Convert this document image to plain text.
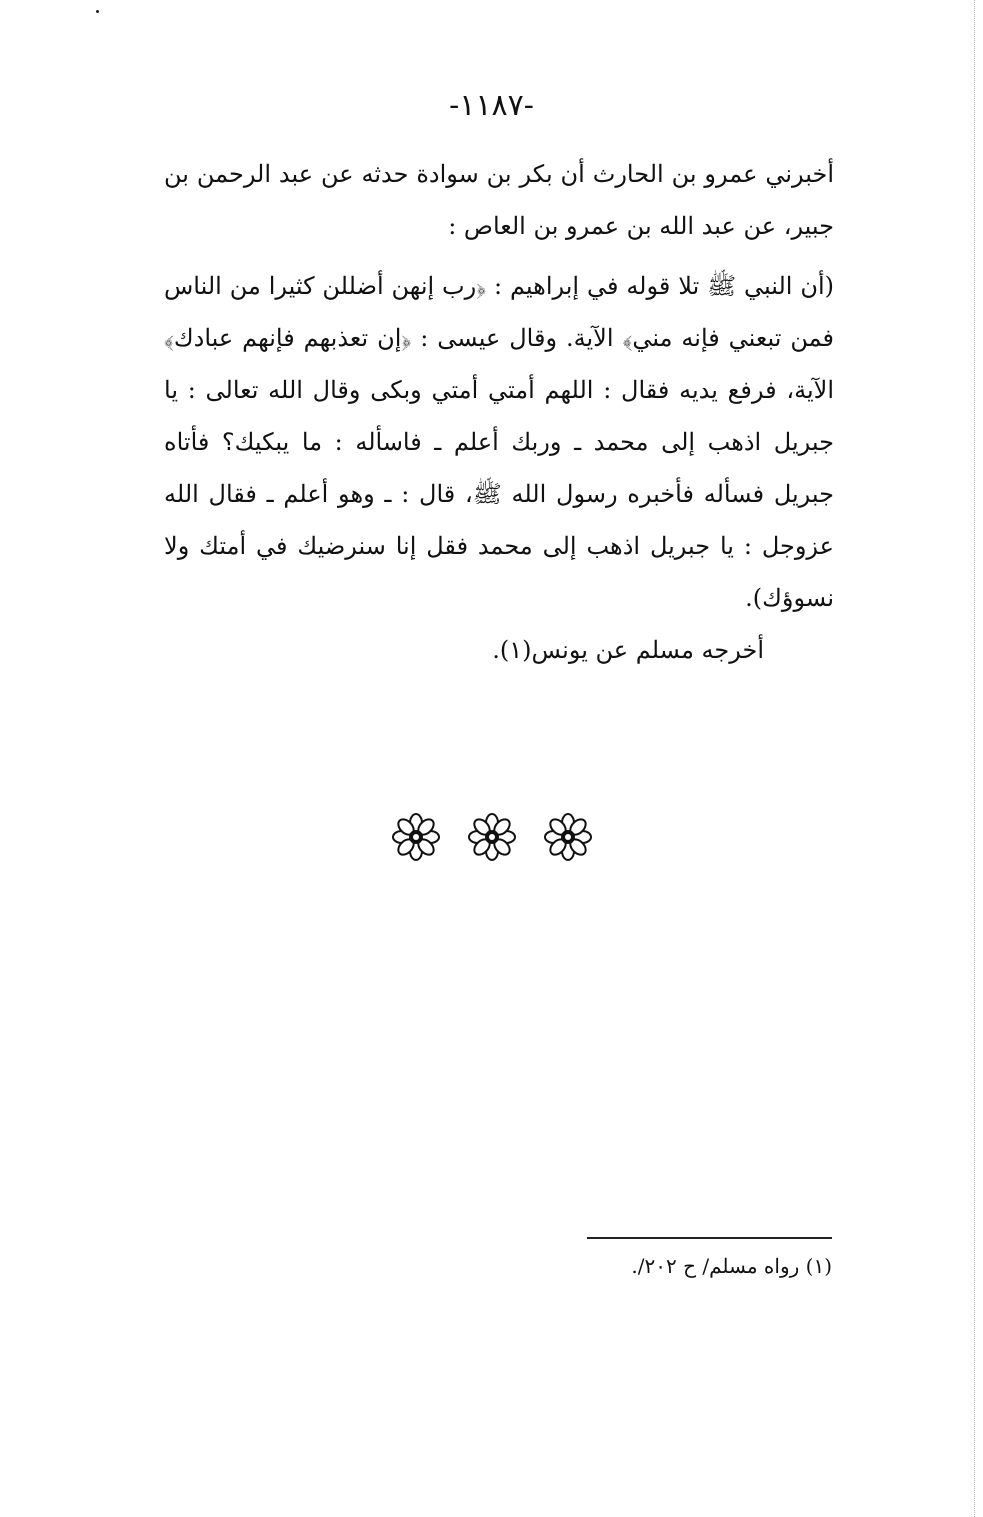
-١١٨٧-

أخبرني عمرو بن الحارث أن بكر بن سوادة حدثه عن عبد الرحمن بن جبير، عن عبد الله بن عمرو بن العاص :

(أن النبي ﷺ تلا قوله في إبراهيم : ﴿رب إنهن أضللن كثيرا من الناس فمن تبعني فإنه مني﴾ الآية. وقال عيسى : ﴿إن تعذبهم فإنهم عبادك﴾ الآية، فرفع يديه فقال : اللهم أمتي أمتي وبكى وقال الله تعالى : يا جبريل اذهب إلى محمد ـ وربك أعلم ـ فاسأله : ما يبكيك؟ فأتاه جبريل فسأله فأخبره رسول الله ﷺ، قال : ـ وهو أعلم ـ فقال الله عزوجل : يا جبريل اذهب إلى محمد فقل إنا سنرضيك في أمتك ولا نسوؤك).

أخرجه مسلم عن يونس(١).

(١) رواه مسلم/ ح ٢٠٢/.
